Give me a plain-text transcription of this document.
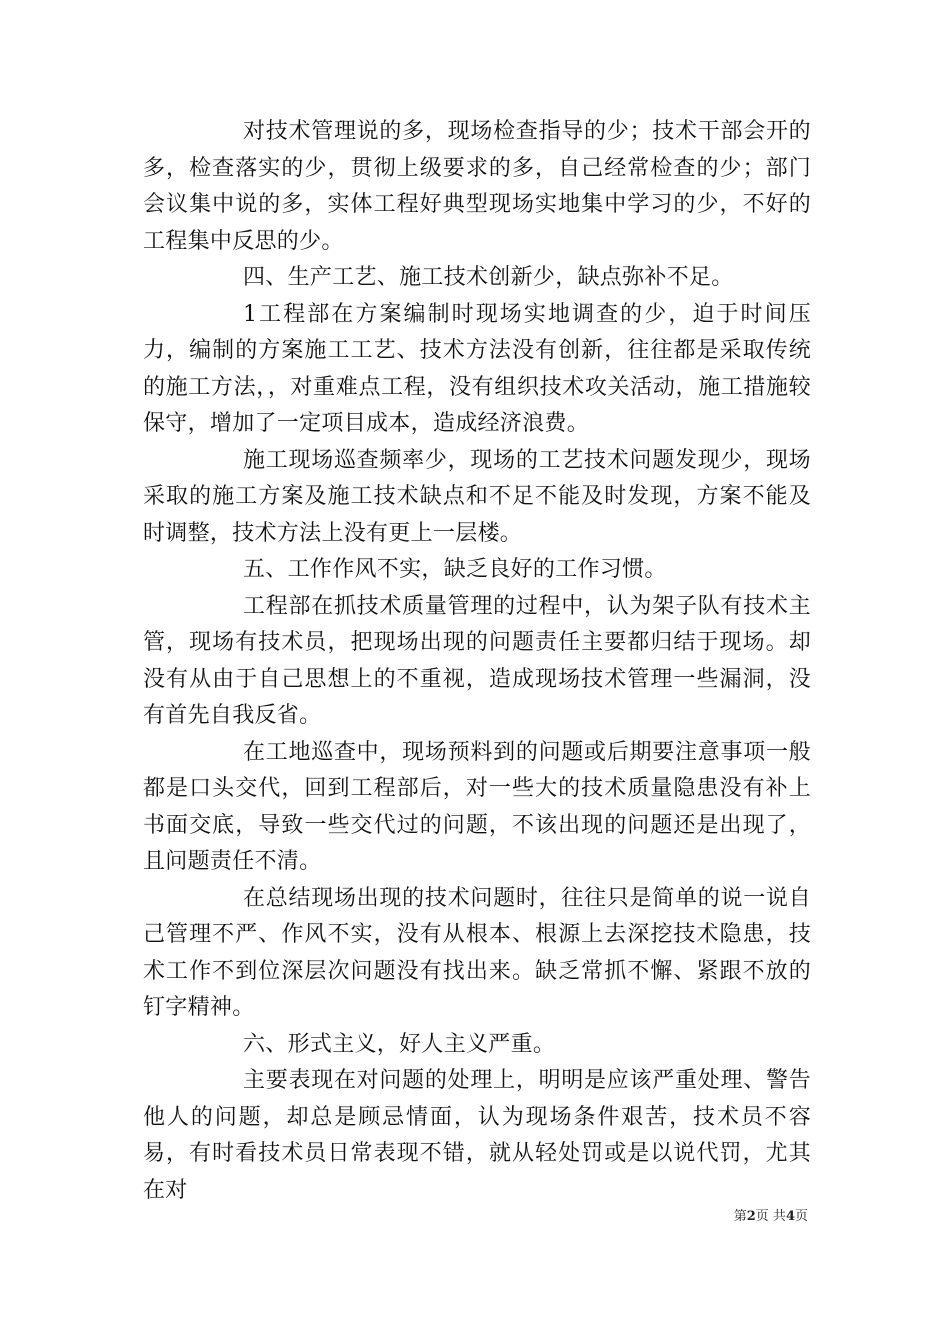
对技术管理说的多，现场检查指导的少；技术干部会开的多，检查落实的少，贯彻上级要求的多，自己经常检查的少；部门会议集中说的多，实体工程好典型现场实地集中学习的少，不好的工程集中反思的少。

四、生产工艺、施工技术创新少，缺点弥补不足。

1工程部在方案编制时现场实地调查的少，迫于时间压力，编制的方案施工工艺、技术方法没有创新，往往都是采取传统的施工方法，，对重难点工程，没有组织技术攻关活动，施工措施较保守，增加了一定项目成本，造成经济浪费。

施工现场巡查频率少，现场的工艺技术问题发现少，现场采取的施工方案及施工技术缺点和不足不能及时发现，方案不能及时调整，技术方法上没有更上一层楼。

五、工作作风不实，缺乏良好的工作习惯。

工程部在抓技术质量管理的过程中，认为架子队有技术主管，现场有技术员，把现场出现的问题责任主要都归结于现场。却没有从由于自己思想上的不重视，造成现场技术管理一些漏洞，没有首先自我反省。

在工地巡查中，现场预料到的问题或后期要注意事项一般都是口头交代，回到工程部后，对一些大的技术质量隐患没有补上书面交底，导致一些交代过的问题，不该出现的问题还是出现了，且问题责任不清。

在总结现场出现的技术问题时，往往只是简单的说一说自己管理不严、作风不实，没有从根本、根源上去深挖技术隐患，技术工作不到位深层次问题没有找出来。缺乏常抓不懈、紧跟不放的钉字精神。

六、形式主义，好人主义严重。

主要表现在对问题的处理上，明明是应该严重处理、警告他人的问题，却总是顾忌情面，认为现场条件艰苦，技术员不容易，有时看技术员日常表现不错，就从轻处罚或是以说代罚，尤其在对

第2页 共4页
